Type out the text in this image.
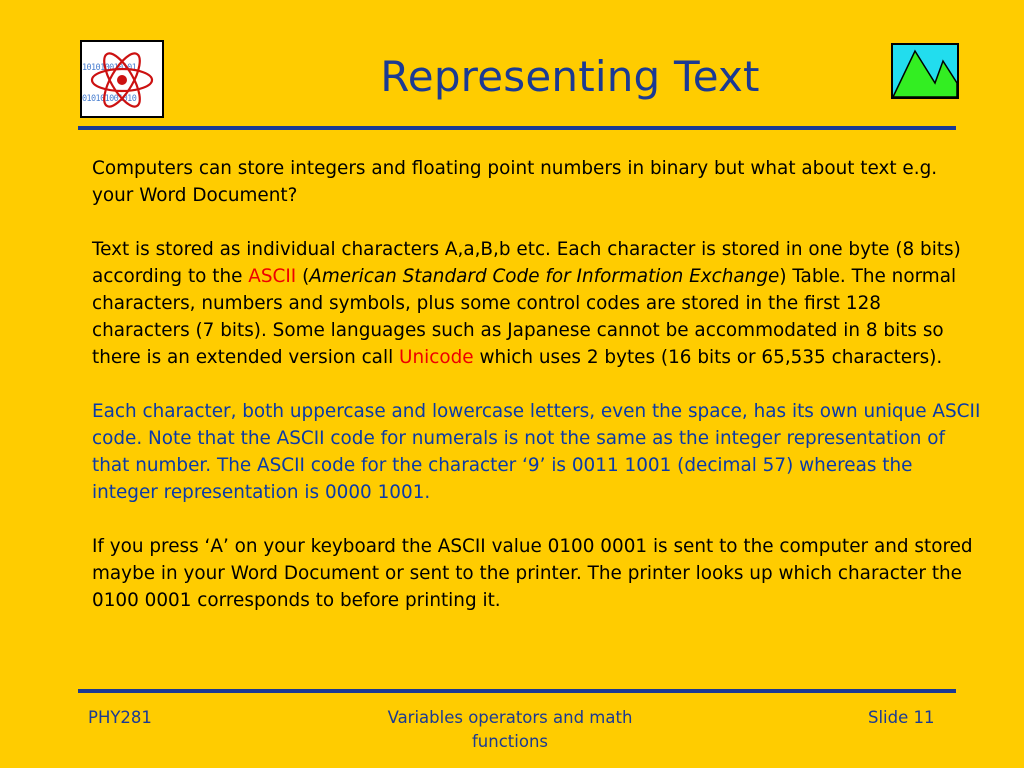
101010010101

010101001010

	Representing Text

Computers can store integers and floating point numbers in binary but what about text e.g. your Word Document?

Text is stored as individual characters A,a,B,b etc. Each character is stored in one byte (8 bits) according to the ASCII (American Standard Code for Information Exchange) Table. The normal characters, numbers and symbols, plus some control codes are stored in the first 128 characters (7 bits). Some languages such as Japanese cannot be accommodated in 8 bits so there is an extended version call Unicode which uses 2 bytes (16 bits or 65,535 characters).

Each character, both uppercase and lowercase letters, even the space, has its own unique ASCII code. Note that the ASCII code for numerals is not the same as the integer representation of that number. The ASCII code for the character ‘9’ is 0011 1001 (decimal 57) whereas the integer representation is 0000 1001.

If you press ‘A’ on your keyboard the ASCII value 0100 0001 is sent to the computer and stored maybe in your Word Document or sent to the printer. The printer looks up which character the 0100 0001 corresponds to before printing it.

PHY281	Variables operators and math
functions
Slide 11
